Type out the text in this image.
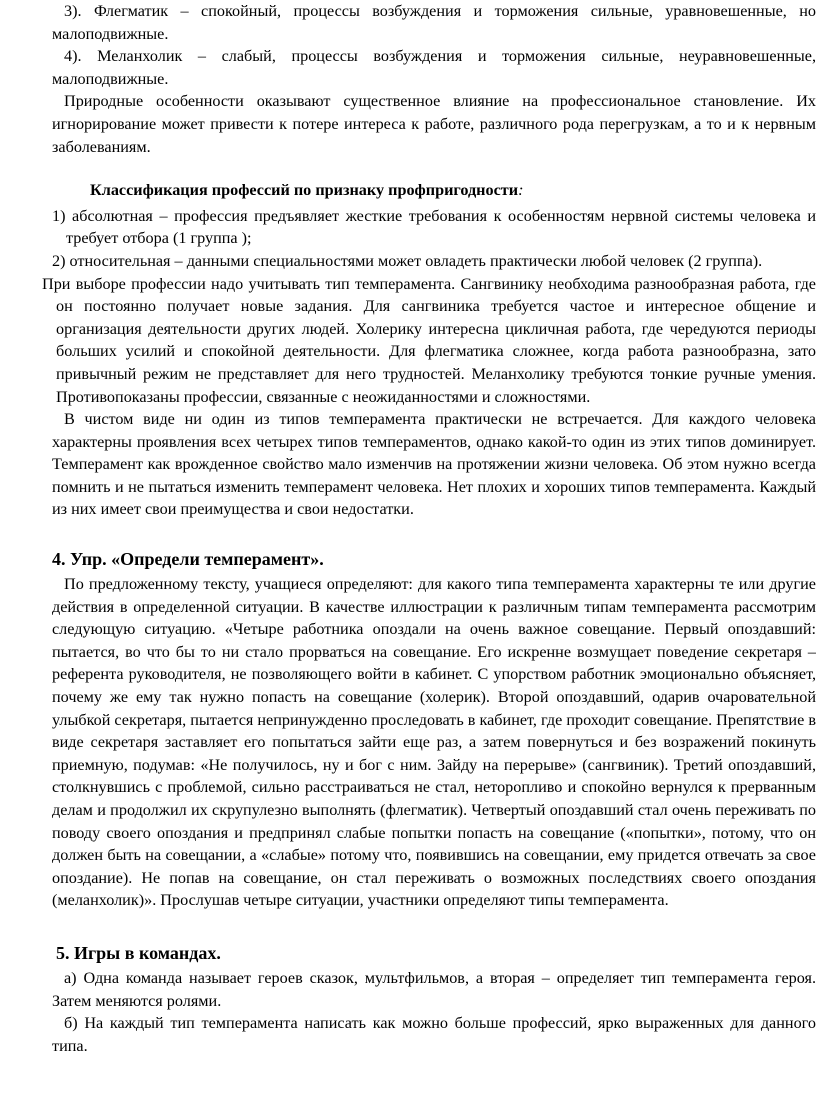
3). Флегматик – спокойный, процессы возбуждения и торможения сильные, уравновешенные, но малоподвижные.

4). Меланхолик – слабый, процессы возбуждения и торможения сильные, неуравновешенные, малоподвижные.

Природные особенности оказывают существенное влияние на профессиональное становление. Их игнорирование может привести к потере интереса к работе, различного рода перегрузкам, а то и к нервным заболеваниям.

Классификация профессий по признаку профпригодности:

1) абсолютная – профессия предъявляет жесткие требования к особенностям нервной системы человека и требует отбора (1 группа );

2) относительная – данными специальностями может овладеть практически любой человек (2 группа).

При выборе профессии надо учитывать тип темперамента. Сангвинику необходима разнообразная работа, где он постоянно получает новые задания. Для сангвиника требуется частое и интересное общение и организация деятельности других людей. Холерику интересна цикличная работа, где чередуются периоды больших усилий и спокойной деятельности. Для флегматика сложнее, когда работа разнообразна, зато привычный режим не представляет для него трудностей. Меланхолику требуются тонкие ручные умения. Противопоказаны профессии, связанные с неожиданностями и сложностями.

В чистом виде ни один из типов темперамента практически не встречается. Для каждого человека характерны проявления всех четырех типов темпераментов, однако какой-то один из этих типов доминирует. Темперамент как врожденное свойство мало изменчив на протяжении жизни человека. Об этом нужно всегда помнить и не пытаться изменить темперамент человека. Нет плохих и хороших типов темперамента. Каждый из них имеет свои преимущества и свои недостатки.

4. Упр. «Определи темперамент».

По предложенному тексту, учащиеся определяют: для какого типа темперамента характерны те или другие действия в определенной ситуации. В качестве иллюстрации к различным типам темперамента рассмотрим следующую ситуацию. «Четыре работника опоздали на очень важное совещание. Первый опоздавший: пытается, во что бы то ни стало прорваться на совещание. Его искренне возмущает поведение секретаря – референта руководителя, не позволяющего войти в кабинет. С упорством работник эмоционально объясняет, почему же ему так нужно попасть на совещание (холерик). Второй опоздавший, одарив очаровательной улыбкой секретаря, пытается непринужденно проследовать в кабинет, где проходит совещание. Препятствие в виде секретаря заставляет его попытаться зайти еще раз, а затем повернуться и без возражений покинуть приемную, подумав: «Не получилось, ну и бог с ним. Зайду на перерыве» (сангвиник). Третий опоздавший, столкнувшись с проблемой, сильно расстраиваться не стал, неторопливо и спокойно вернулся к прерванным делам и продолжил их скрупулезно выполнять (флегматик). Четвертый опоздавший стал очень переживать по поводу своего опоздания и предпринял слабые попытки попасть на совещание («попытки», потому, что он должен быть на совещании, а «слабые» потому что, появившись на совещании, ему придется отвечать за свое опоздание). Не попав на совещание, он стал переживать о возможных последствиях своего опоздания (меланхолик)». Прослушав четыре ситуации, участники определяют типы темперамента.

5. Игры в командах.

а) Одна команда называет героев сказок, мультфильмов, а вторая – определяет тип темперамента героя. Затем меняются ролями.

б) На каждый тип темперамента написать как можно больше профессий, ярко выраженных для данного типа.
